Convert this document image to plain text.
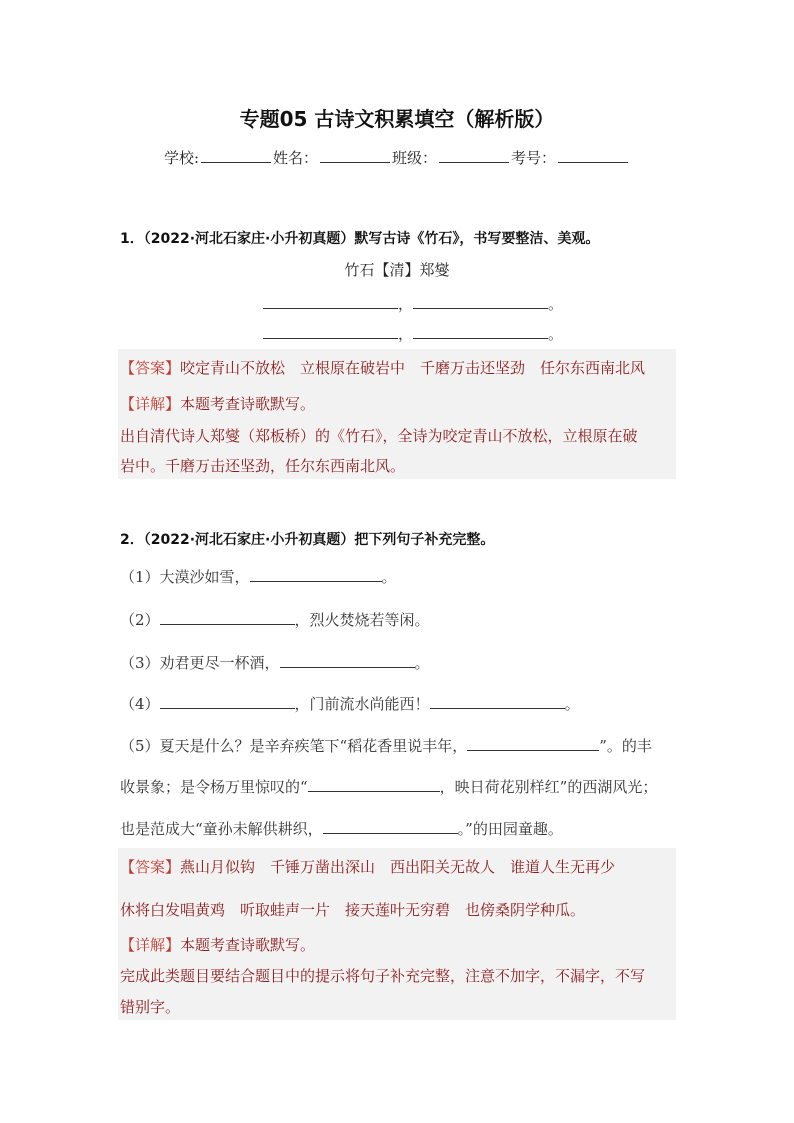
专题05 古诗文积累填空（解析版）
学校:	姓名：	班级：	考号：
1．（2022·河北石家庄·小升初真题）默写古诗《竹石》，书写要整洁、美观。
竹石【清】郑燮
，	。
，	。
【答案】咬定青山不放松　立根原在破岩中　千磨万击还坚劲　任尔东西南北风
【详解】本题考查诗歌默写。
出自清代诗人郑燮（郑板桥）的《竹石》，全诗为咬定青山不放松，立根原在破
岩中。千磨万击还坚劲，任尔东西南北风。
2．（2022·河北石家庄·小升初真题）把下列句子补充完整。
（1）大漠沙如雪，	。
（2）	，烈火焚烧若等闲。
（3）劝君更尽一杯酒，	。
（4）	，门前流水尚能西！	。
（5）夏天是什么？是辛弃疾笔下“稻花香里说丰年，	”。的丰
收景象；是令杨万里惊叹的“	，映日荷花别样红”的西湖风光；
也是范成大“童孙未解供耕织，	。”的田园童趣。
【答案】燕山月似钩　千锤万凿出深山　西出阳关无故人　谁道人生无再少
休将白发唱黄鸡　听取蛙声一片　接天莲叶无穷碧　也傍桑阴学种瓜。
【详解】本题考查诗歌默写。
完成此类题目要结合题目中的提示将句子补充完整，注意不加字，不漏字，不写
错别字。
